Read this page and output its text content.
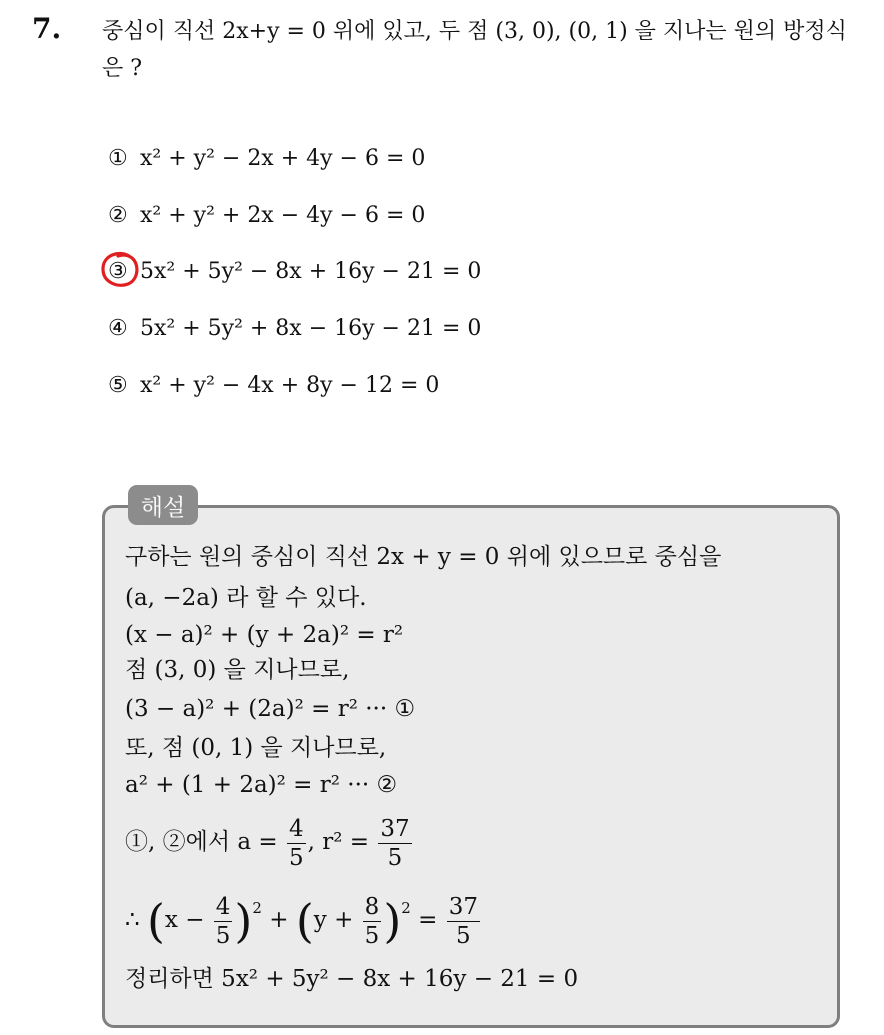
7. 중심이 직선 2x+y = 0 위에 있고, 두 점 (3, 0), (0, 1) 을 지나는 원의 방정식은 ?
① x² + y² − 2x + 4y − 6 = 0
② x² + y² + 2x − 4y − 6 = 0
③ 5x² + 5y² − 8x + 16y − 21 = 0
④ 5x² + 5y² + 8x − 16y − 21 = 0
⑤ x² + y² − 4x + 8y − 12 = 0
해설
구하는 원의 중심이 직선 2x + y = 0 위에 있으므로 중심을
(a, −2a) 라 할 수 있다.
(x − a)² + (y + 2a)² = r²
점 (3, 0) 을 지나므로,
(3 − a)² + (2a)² = r² ··· ①
또, 점 (0, 1) 을 지나므로,
a² + (1 + 2a)² = r² ··· ②
①, ②에서 $a = \frac{4}{5}$ , $r^2 = \frac{37}{5}$
∴ $(x - \frac{4}{5} )^2 + (y + \frac{8}{5} )^2 = \frac{37}{5}$
정리하면 5x² + 5y² − 8x + 16y − 21 = 0
